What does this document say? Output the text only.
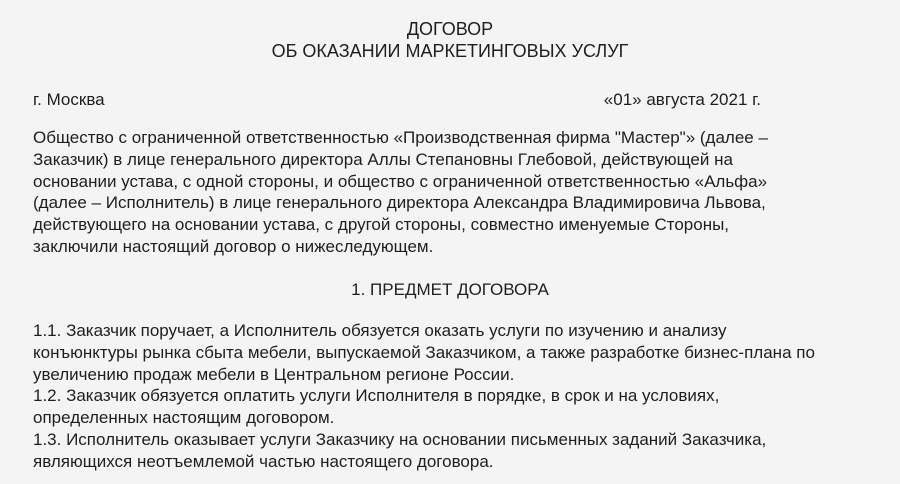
ДОГОВОР
ОБ ОКАЗАНИИ МАРКЕТИНГОВЫХ УСЛУГ
г. Москва	«01» августа 2021 г.
Общество с ограниченной ответственностью «Производственная фирма "Мастер"» (далее –
Заказчик) в лице генерального директора Аллы Степановны Глебовой, действующей на
основании устава, с одной стороны, и общество с ограниченной ответственностью «Альфа»
(далее – Исполнитель) в лице генерального директора Александра Владимировича Львова,
действующего на основании устава, с другой стороны, совместно именуемые Стороны,
заключили настоящий договор о нижеследующем.
1. ПРЕДМЕТ ДОГОВОРА
1.1. Заказчик поручает, а Исполнитель обязуется оказать услуги по изучению и анализу
конъюнктуры рынка сбыта мебели, выпускаемой Заказчиком, а также разработке бизнес-плана по
увеличению продаж мебели в Центральном регионе России.
1.2. Заказчик обязуется оплатить услуги Исполнителя в порядке, в срок и на условиях,
определенных настоящим договором.
1.3. Исполнитель оказывает услуги Заказчику на основании письменных заданий Заказчика,
являющихся неотъемлемой частью настоящего договора.
